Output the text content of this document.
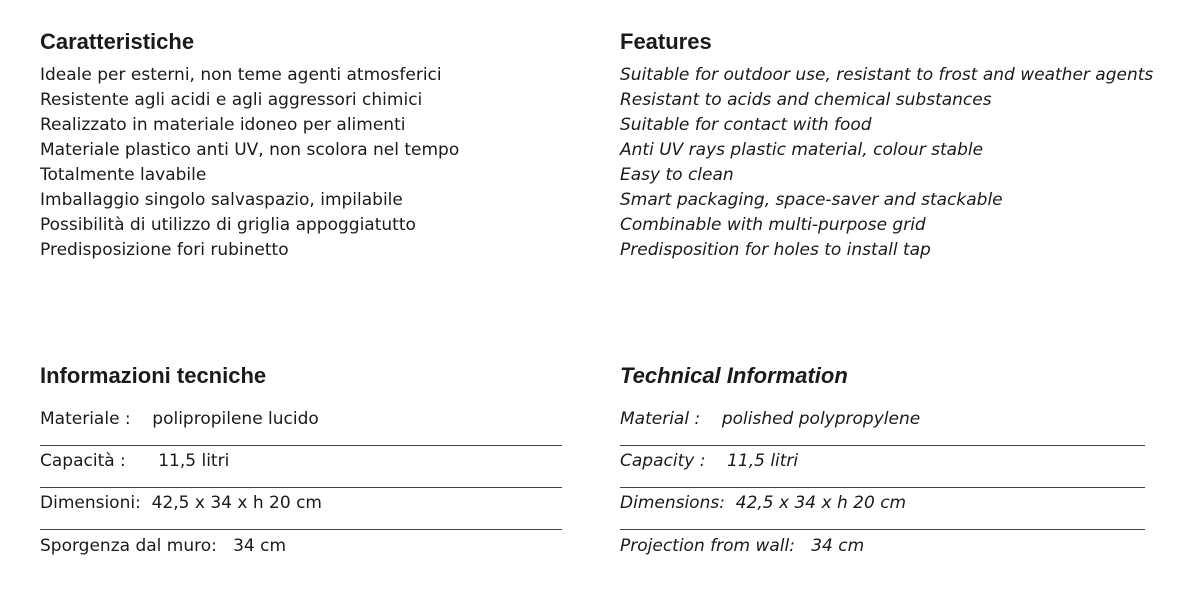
Caratteristiche
Ideale per esterni, non teme agenti atmosferici
Resistente agli acidi e agli aggressori chimici
Realizzato in materiale idoneo per alimenti
Materiale plastico anti UV, non scolora nel tempo
Totalmente lavabile
Imballaggio singolo salvaspazio, impilabile
Possibilità di utilizzo di griglia appoggiatutto
Predisposizione fori rubinetto
Informazioni tecniche
Materiale : polipropilene lucido
Capacità : 11,5 litri
Dimensioni: 42,5 x 34 x h 20 cm
Sporgenza dal muro: 34 cm
Features
Suitable for outdoor use, resistant to frost and weather agents
Resistant to acids and chemical substances
Suitable for contact with food
Anti UV rays plastic material, colour stable
Easy to clean
Smart packaging, space-saver and stackable
Combinable with multi-purpose grid
Predisposition for holes to install tap
Technical Information
Material : polished polypropylene
Capacity : 11,5 litri
Dimensions: 42,5 x 34 x h 20 cm
Projection from wall: 34 cm
